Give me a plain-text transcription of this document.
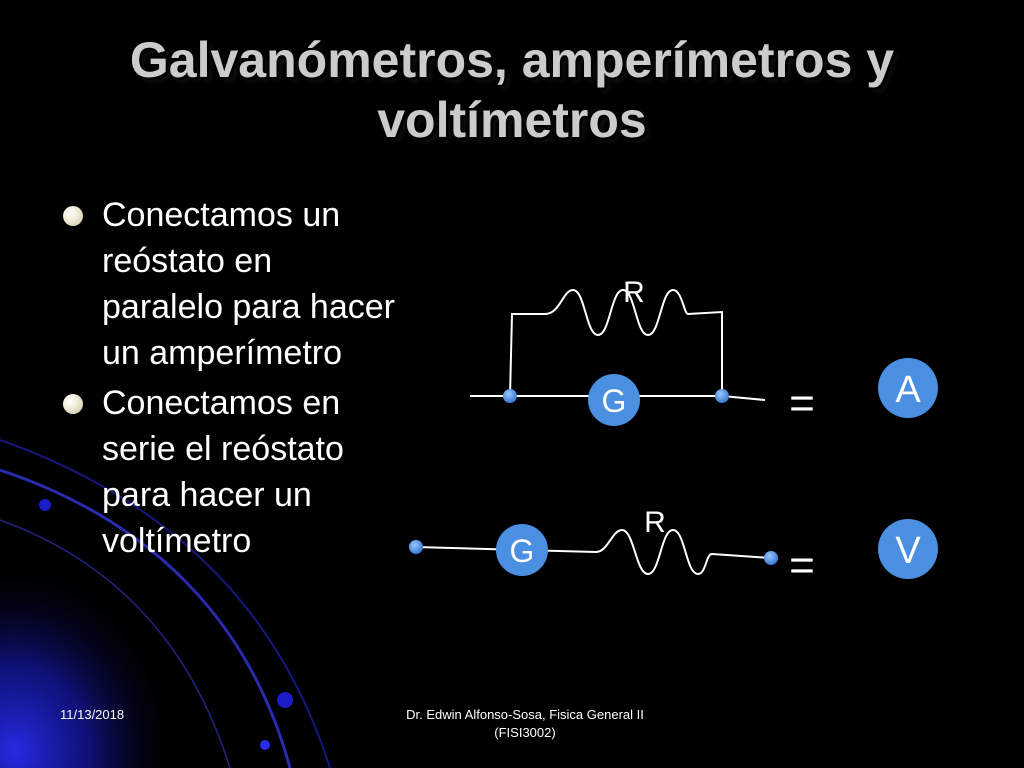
Galvanómetros, amperímetros y voltímetros
Conectamos un reóstato en paralelo para hacer un amperímetro
Conectamos en serie el reóstato para hacer un voltímetro
R
G	= A
R
G	= V
11/13/2018	Dr. Edwin Alfonso-Sosa, Fisica General II (FISI3002)
